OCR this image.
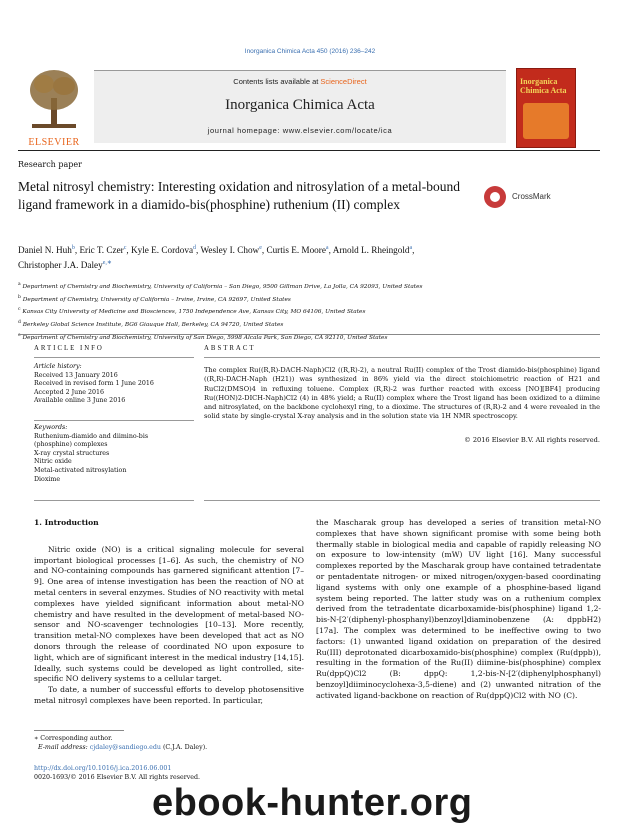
Inorganica Chimica Acta 450 (2016) 236–242
ELSEVIER
Contents lists available at ScienceDirect
Inorganica Chimica Acta
journal homepage: www.elsevier.com/locate/ica
Inorganica Chimica Acta
Research paper
Metal nitrosyl chemistry: Interesting oxidation and nitrosylation of a metal-bound ligand framework in a diamido-bis(phosphine) ruthenium (II) complex
CrossMark
Daniel N. Huh$^b$, Eric T. Czer$^c$, Kyle E. Cordova$^d$, Wesley I. Chow$^e$, Curtis E. Moore$^a$, Arnold L. Rheingold$^a$,
Christopher J.A. Daley$^{e,∗}$
$^a$ Department of Chemistry and Biochemistry, University of California – San Diego, 9500 Gillman Drive, La Jolla, CA 92093, United States
$^b$ Department of Chemistry, University of California – Irvine, Irvine, CA 92697, United States
$^c$ Kansas City University of Medicine and Biosciences, 1750 Independence Ave, Kansas City, MO 64106, United States
$^d$ Berkeley Global Science Institute, BG6 Giauque Hall, Berkeley, CA 94720, United States
$^e$ Department of Chemistry and Biochemistry, University of San Diego, 5998 Alcala Park, San Diego, CA 92110, United States
ARTICLE INFO	ABSTRACT
Article history:
Received 13 January 2016
Received in revised form 1 June 2016
Accepted 2 June 2016
Available online 3 June 2016
Keywords:
Ruthenium-diamido and diimino-bis
(phosphine) complexes
X-ray crystal structures
Nitric oxide
Metal-activated nitrosylation
Dioxime
The complex Ru((R,R)-DACH-Naph)Cl2 ((R,R)-2), a neutral Ru(II) complex of the Trost diamido-bis(phosphine) ligand ((R,R)-DACH-Naph (H21)) was synthesized in 86% yield via the direct stoichiometric reaction of H21 and RuCl2(DMSO)4 in refluxing toluene. Complex (R,R)-2 was further reacted with excess [NO][BF4] producing Ru((HON)2-DICH-Naph)Cl2 (4) in 48% yield; a Ru(II) complex where the Trost ligand has been oxidized to a diimine and nitrosylated, on the backbone cyclohexyl ring, to a dioxime. The structures of (R,R)-2 and 4 were revealed in the solid state by single-crystal X-ray analysis and in the solution state via 1H NMR spectroscopy.
© 2016 Elsevier B.V. All rights reserved.
1. Introduction

Nitric oxide (NO) is a critical signaling molecule for several important biological processes [1–6]. As such, the chemistry of NO and NO-containing compounds has garnered significant attention [7–9]. One area of intense investigation has been the reaction of NO at metal centers in several enzymes. Studies of NO reactivity with metal complexes have yielded significant information about metal-NO chemistry and have resulted in the development of metal-based NO-sensor and NO-scavenger technologies [10–13]. More recently, transition metal-NO complexes have been developed that act as NO donors through the release of coordinated NO upon exposure to light, which are of significant interest in the medical industry [14,15]. Ideally, such systems could be developed as light controlled, site-specific NO delivery systems to a cellular target.

To date, a number of successful efforts to develop photosensitive metal nitrosyl complexes have been reported. In particular,

the Mascharak group has developed a series of transition metal-NO complexes that have shown significant promise with some being both thermally stable in biological media and capable of rapidly releasing NO on exposure to low-intensity (mW) UV light [16]. Many successful complexes reported by the Mascharak group have contained tetradentate or pentadentate nitrogen- or mixed nitrogen/oxygen-based coordinating ligand systems with only one example of a phosphine-based ligand system being reported. The latter study was on a ruthenium complex derived from the tetradentate dicarboxamide-bis(phosphine) ligand 1,2-bis-N-[2′(diphenyl-phosphanyl)benzoyl]diaminobenzene (A: dppbH2) [17a]. The complex was determined to be ineffective owing to two factors: (1) unwanted ligand oxidation on preparation of the desired Ru(III) deprotonated dicarboxamido-bis(phosphine) complex (Ru(dppb)), resulting in the formation of the Ru(II) diimine-bis(phosphine) complex Ru(dppQ)Cl2 (B: dppQ: 1,2-bis-N-[2′(diphenylphosphanyl) benzoyl]diiminocyclohexa-3,5-diene) and (2) unwanted nitration of the activated ligand-backbone on reaction of Ru(dppQ)Cl2 with NO (C).

∗ Corresponding author.
E-mail address: cjdaley@sandiego.edu (C.J.A. Daley).
http://dx.doi.org/10.1016/j.ica.2016.06.001
0020-1693/© 2016 Elsevier B.V. All rights reserved.
ebook-hunter.org
